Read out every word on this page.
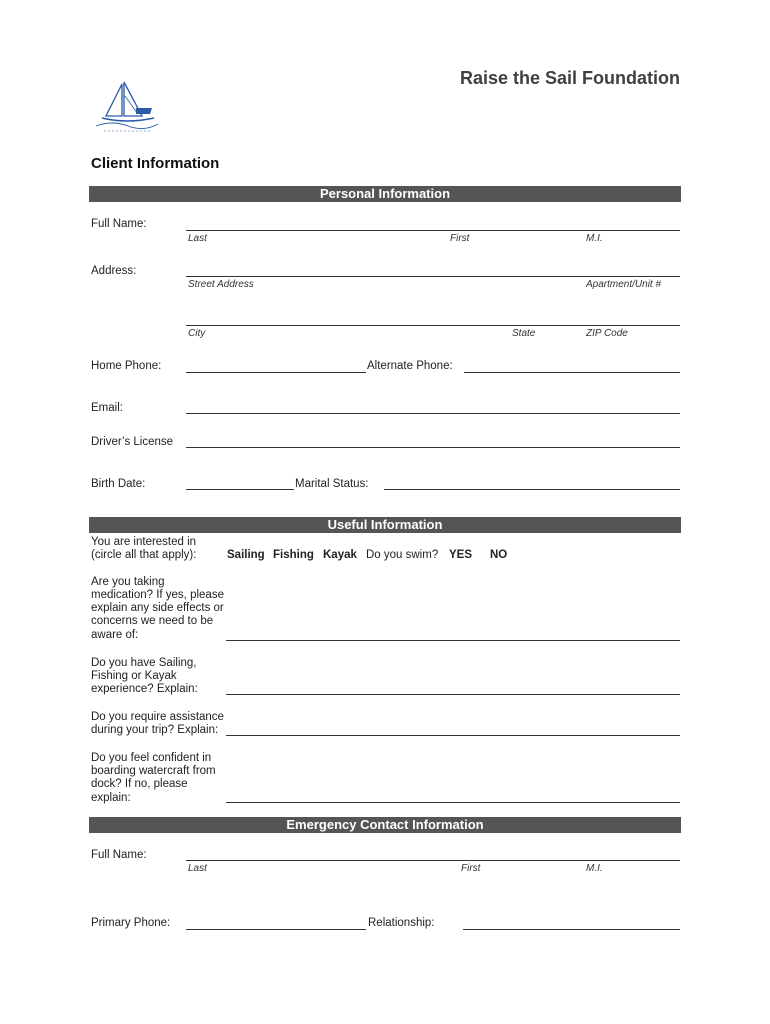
Raise the Sail Foundation
Client Information
Personal Information
Full Name:
Last	First	M.I.
Address:
Street Address	Apartment/Unit #
City	State	ZIP Code
Home Phone:	Alternate Phone:
Email:
Driver’s License
Birth Date:	Marital Status:
Useful Information
You are interested in
(circle all that apply):	Sailing Fishing Kayak Do you swim? YES NO
Are you taking
medication? If yes, please
explain any side effects or
concerns we need to be
aware of:
Do you have Sailing,
Fishing or Kayak
experience? Explain:
Do you require assistance
during your trip? Explain:
Do you feel confident in
boarding watercraft from
dock? If no, please
explain:
Emergency Contact Information
Full Name:
Last	First	M.I.
Primary Phone:	Relationship:
